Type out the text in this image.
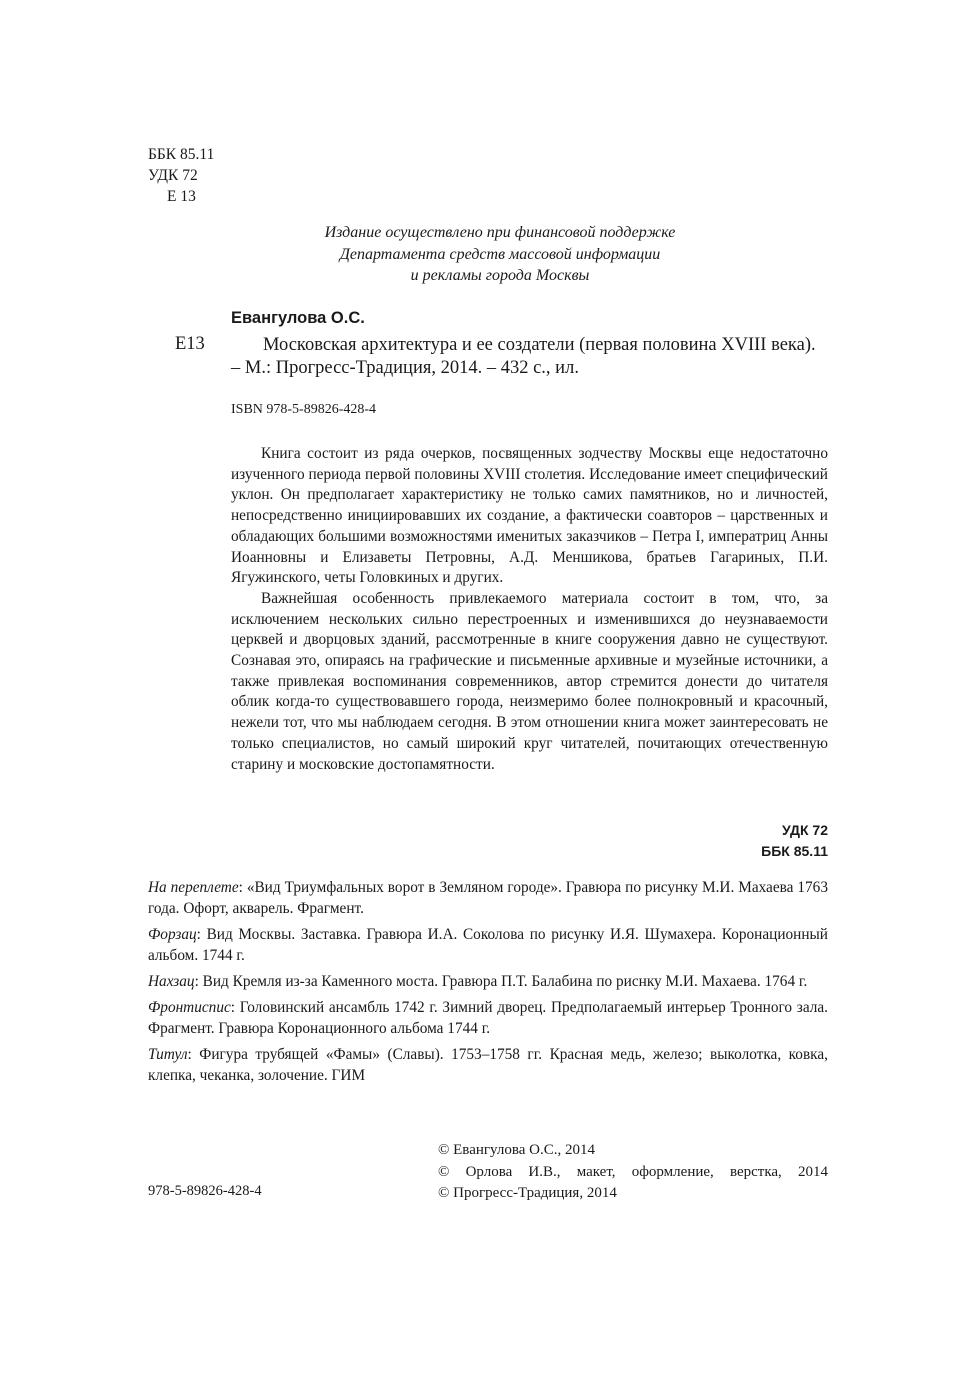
ББК 85.11
УДК 72
Е 13
Издание осуществлено при финансовой поддержке
Департамента средств массовой информации
и рекламы города Москвы
Евангулова О.С.
Е13	Московская архитектура и ее создатели (первая половина XVIII века). – М.: Прогресс-Традиция, 2014. – 432 с., ил.
ISBN 978-5-89826-428-4

Книга состоит из ряда очерков, посвященных зодчеству Москвы еще недостаточно изученного периода первой половины XVIII столетия. Исследование имеет специфический уклон. Он предполагает характеристику не только самих памятников, но и личностей, непосредственно инициировавших их создание, а фактически соавторов – царственных и обладающих большими возможностями именитых заказчиков – Петра I, императриц Анны Иоанновны и Елизаветы Петровны, А.Д. Меншикова, братьев Гагариных, П.И. Ягужинского, четы Головкиных и других.

Важнейшая особенность привлекаемого материала состоит в том, что, за исключением нескольких сильно перестроенных и изменившихся до неузнаваемости церквей и дворцовых зданий, рассмотренные в книге сооружения давно не существуют. Сознавая это, опираясь на графические и письменные архивные и музейные источники, а также привлекая воспоминания современников, автор стремится донести до читателя облик когда-то существовавшего города, неизмеримо более полнокровный и красочный, нежели тот, что мы наблюдаем сегодня. В этом отношении книга может заинтересовать не только специалистов, но самый широкий круг читателей, почитающих отечественную старину и московские достопамятности.

УДК 72
ББК 85.11

На переплете: «Вид Триумфальных ворот в Земляном городе». Гравюра по рисунку М.И. Махаева 1763 года. Офорт, акварель. Фрагмент.

Форзац: Вид Москвы. Заставка. Гравюра И.А. Соколова по рисунку И.Я. Шумахера. Коронационный альбом. 1744 г.

Нахзац: Вид Кремля из-за Каменного моста. Гравюра П.Т. Балабина по риснку М.И. Махаева. 1764 г.

Фронтиспис: Головинский ансамбль 1742 г. Зимний дворец. Предполагаемый интерьер Тронного зала. Фрагмент. Гравюра Коронационного альбома 1744 г.

Титул: Фигура трубящей «Фамы» (Славы). 1753–1758 гг. Красная медь, железо; выколотка, ковка, клепка, чеканка, золочение. ГИМ

978-5-89826-428-4
© Евангулова О.С., 2014
© Орлова И.В., макет, оформление, верстка, 2014
© Прогресс-Традиция, 2014
